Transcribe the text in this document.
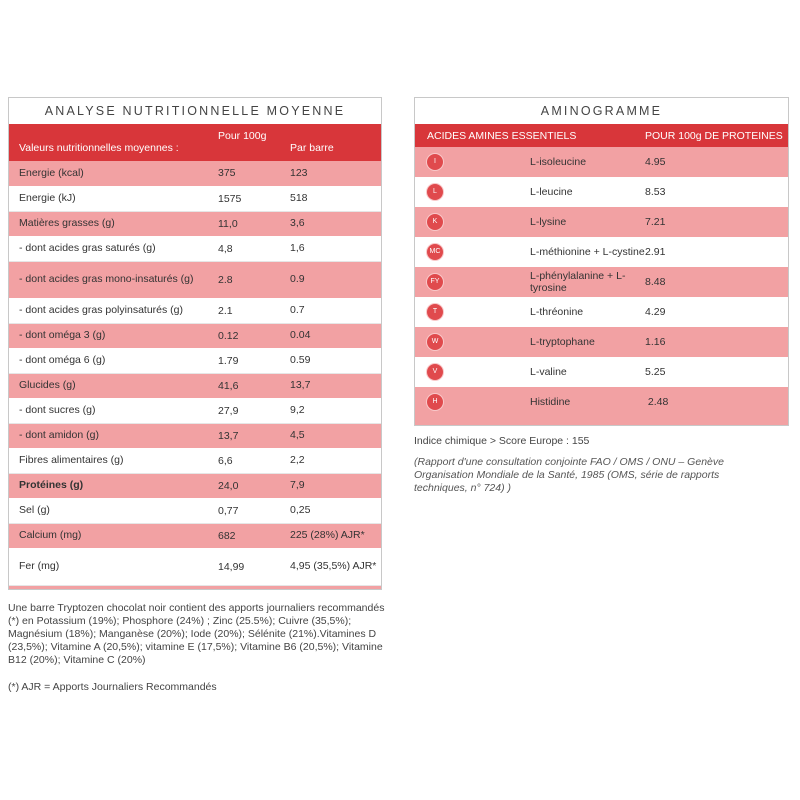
ANALYSE NUTRITIONNELLE MOYENNE
Valeurs nutritionnelles moyennes :	Pour 100g	Par barre
Energie (kcal)	375	123
Energie (kJ)	1575	518
Matières grasses (g)	11,0	3,6
- dont acides gras saturés (g)	4,8	1,6
- dont acides gras mono-insaturés (g)	2.8	0.9
- dont acides gras polyinsaturés (g)	2.1	0.7
- dont oméga 3 (g)	0.12	0.04
- dont oméga 6 (g)	1.79	0.59
Glucides (g)	41,6	13,7
- dont sucres (g)	27,9	9,2
- dont amidon (g)	13,7	4,5
Fibres alimentaires (g)	6,6	2,2
Protéines (g)	24,0	7,9
Sel (g)	0,77	0,25
Calcium (mg)	682	225 (28%) AJR*
Fer (mg)	14,99	4,95 (35,5%) AJR*
AMINOGRAMME
ACIDES AMINES ESSENTIELS		POUR 100g DE PROTEINES
I	L-isoleucine	4.95
L	L-leucine	8.53
K	L-lysine	7.21
MC	L-méthionine + L-cystine	2.91
FY	L-phénylalanine + L-tyrosine	8.48
T	L-thréonine	4.29
W	L-tryptophane	1.16
V	L-valine	5.25
H	Histidine	2.48
Indice chimique > Score Europe : 155
(Rapport d'une consultation conjointe FAO / OMS / ONU – Genève Organisation Mondiale de la Santé, 1985 (OMS, série de rapports techniques, n° 724) )
Une barre Tryptozen chocolat noir contient des apports journaliers recommandés (*) en Potassium (19%); Phosphore (24%) ; Zinc (25.5%); Cuivre (35,5%); Magnésium (18%); Manganèse (20%); Iode (20%); Sélénite (21%).Vitamines D (23,5%); Vitamine A (20,5%); vitamine E (17,5%); Vitamine B6 (20,5%); Vitamine B12 (20%); Vitamine C (20%)
(*) AJR = Apports Journaliers Recommandés
